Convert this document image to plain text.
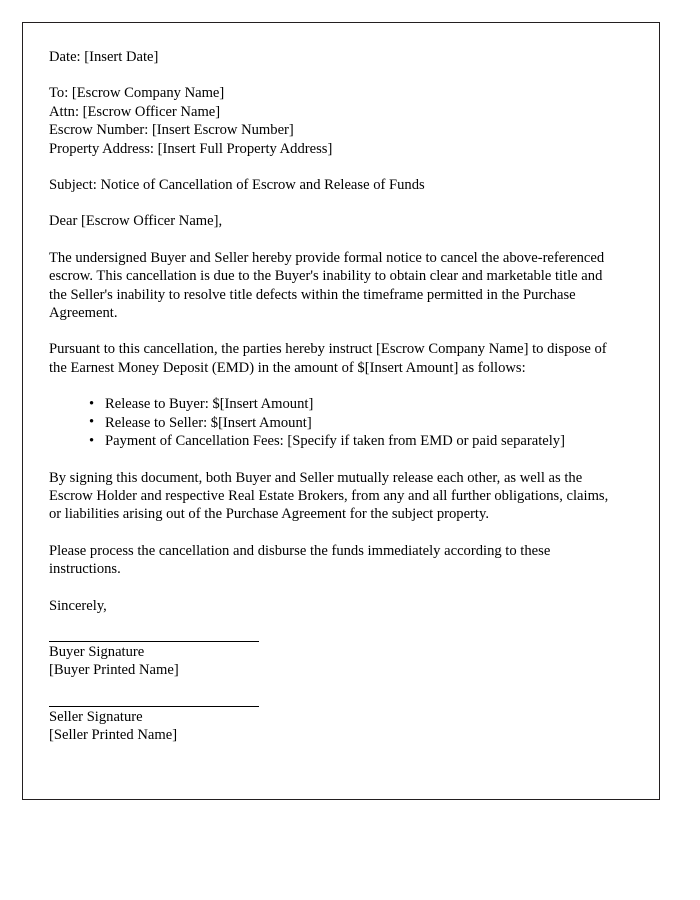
Date: [Insert Date]

To: [Escrow Company Name]
Attn: [Escrow Officer Name]
Escrow Number: [Insert Escrow Number]
Property Address: [Insert Full Property Address]

Subject: Notice of Cancellation of Escrow and Release of Funds

Dear [Escrow Officer Name],

The undersigned Buyer and Seller hereby provide formal notice to cancel the above-referenced escrow. This cancellation is due to the Buyer's inability to obtain clear and marketable title and the Seller's inability to resolve title defects within the timeframe permitted in the Purchase Agreement.

Pursuant to this cancellation, the parties hereby instruct [Escrow Company Name] to dispose of the Earnest Money Deposit (EMD) in the amount of $[Insert Amount] as follows:

• Release to Buyer: $[Insert Amount]
• Release to Seller: $[Insert Amount]
• Payment of Cancellation Fees: [Specify if taken from EMD or paid separately]

By signing this document, both Buyer and Seller mutually release each other, as well as the Escrow Holder and respective Real Estate Brokers, from any and all further obligations, claims, or liabilities arising out of the Purchase Agreement for the subject property.

Please process the cancellation and disburse the funds immediately according to these instructions.

Sincerely,

Buyer Signature
[Buyer Printed Name]
Seller Signature
[Seller Printed Name]
